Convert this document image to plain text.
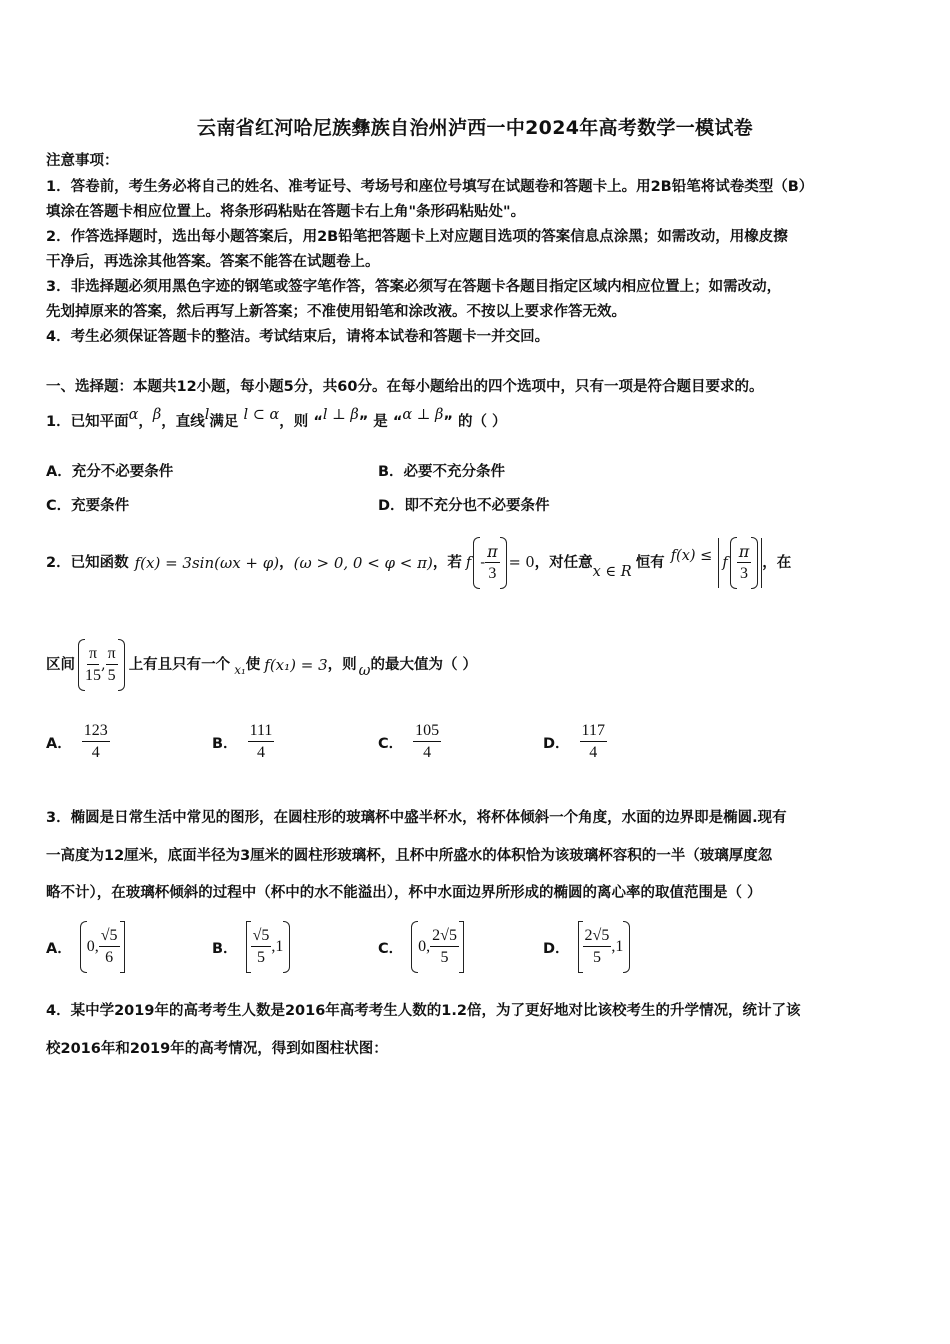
云南省红河哈尼族彝族自治州泸西一中2024年高考数学一模试卷
注意事项：
1．答卷前，考生务必将自己的姓名、准考证号、考场号和座位号填写在试题卷和答题卡上。用2B铅笔将试卷类型（B）
填涂在答题卡相应位置上。将条形码粘贴在答题卡右上角"条形码粘贴处"。
2．作答选择题时，选出每小题答案后，用2B铅笔把答题卡上对应题目选项的答案信息点涂黑；如需改动，用橡皮擦
干净后，再选涂其他答案。答案不能答在试题卷上。
3．非选择题必须用黑色字迹的钢笔或签字笔作答，答案必须写在答题卡各题目指定区域内相应位置上；如需改动，
先划掉原来的答案，然后再写上新答案；不准使用铅笔和涂改液。不按以上要求作答无效。
4．考生必须保证答题卡的整洁。考试结束后，请将本试卷和答题卡一并交回。
一、选择题：本题共12小题，每小题5分，共60分。在每小题给出的四个选项中，只有一项是符合题目要求的。
1．已知平面α，β，直线l满足 l ⊂ α，则 “l ⊥ β” 是 “α ⊥ β” 的（ ）
A．充分不必要条件	B．必要不充分条件
C．充要条件	D．即不充分也不必要条件
2．已知函数 f(x) = 3sin(ωx + φ) ， (ω > 0, 0 < φ < π) ，若 $f - \frac{\pi}{3} = 0$ ，对任意
x ∈ R
恒有 f(x) ≤ f $\frac{\pi}{3}$ ，在
区间 $\frac{\pi}{15}$ , $\frac{\pi}{5}$ 上有且只有一个 x₁ 使 f(x₁) = 3 ，则 ω 的最大值为（ ）
A． $\frac{123}{4}$	B． $\frac{111}{4}$	C． $\frac{105}{4}$	D． $\frac{117}{4}$
3．椭圆是日常生活中常见的图形，在圆柱形的玻璃杯中盛半杯水，将杯体倾斜一个角度，水面的边界即是椭圆.现有
一高度为12厘米，底面半径为3厘米的圆柱形玻璃杯，且杯中所盛水的体积恰为该玻璃杯容积的一半（玻璃厚度忽
略不计），在玻璃杯倾斜的过程中（杯中的水不能溢出），杯中水面边界所形成的椭圆的离心率的取值范围是（ ）
A． 0, $\frac{√5}{6}$	B． $\frac{√5}{5} ,1$	C． 0, $\frac{2√5}{5}$	D． $\frac{2√5}{5} ,1$
4．某中学2019年的高考考生人数是2016年高考考生人数的1.2倍，为了更好地对比该校考生的升学情况，统计了该
校2016年和2019年的高考情况，得到如图柱状图：
